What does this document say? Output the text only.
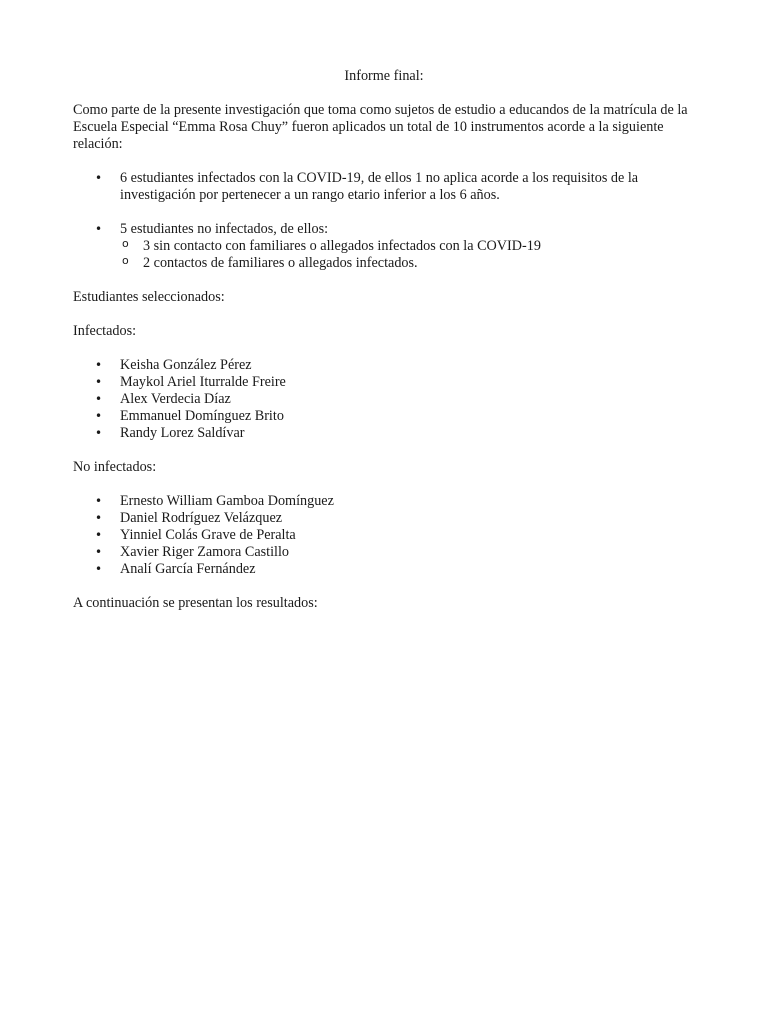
Informe final:

Como parte de la presente investigación que toma como sujetos de estudio a educandos de la matrícula de la Escuela Especial “Emma Rosa Chuy” fueron aplicados un total de 10 instrumentos acorde a la siguiente relación:

• 6 estudiantes infectados con la COVID-19, de ellos 1 no aplica acorde a los requisitos de la investigación por pertenecer a un rango etario inferior a los 6 años.
• 5 estudiantes no infectados, de ellos:
o 3 sin contacto con familiares o allegados infectados con la COVID-19
o 2 contactos de familiares o allegados infectados.

Estudiantes seleccionados:

Infectados:

• Keisha González Pérez
• Maykol Ariel Iturralde Freire
• Alex Verdecia Díaz
• Emmanuel Domínguez Brito
• Randy Lorez Saldívar

No infectados:

• Ernesto William Gamboa Domínguez
• Daniel Rodríguez Velázquez
• Yinniel Colás Grave de Peralta
• Xavier Riger Zamora Castillo
• Analí García Fernández

A continuación se presentan los resultados:
